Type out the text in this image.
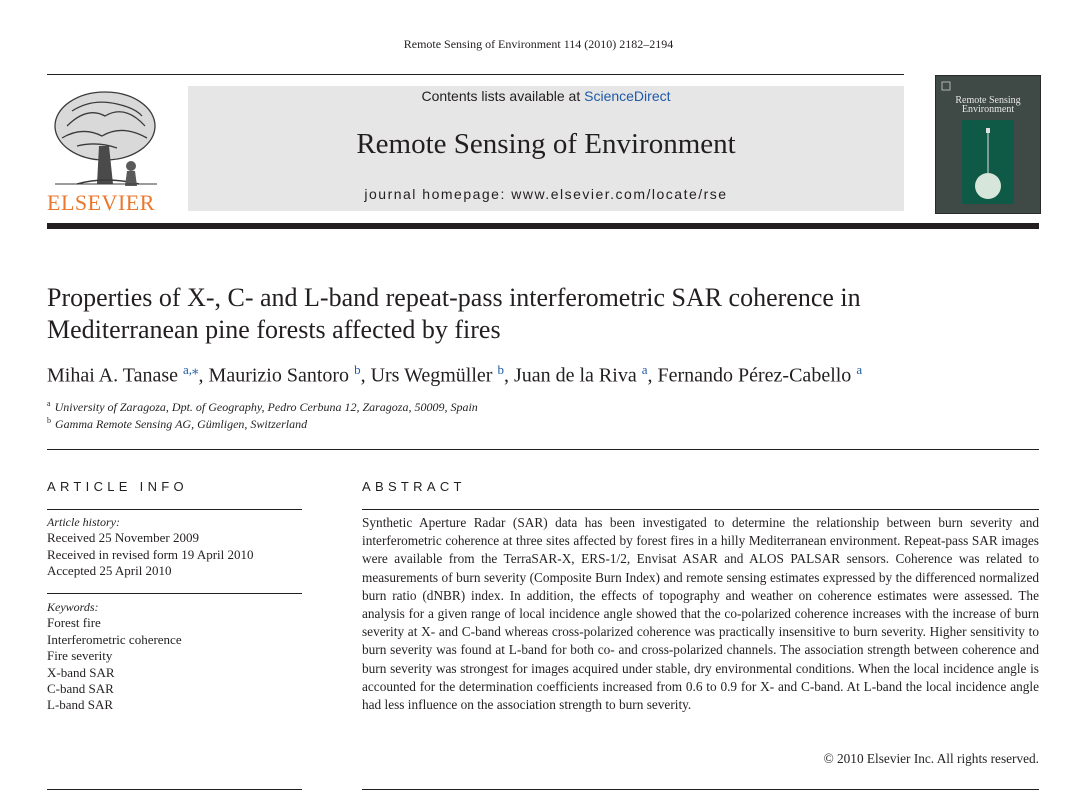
Remote Sensing of Environment 114 (2010) 2182–2194
ELSEVIER
Contents lists available at ScienceDirect
Remote Sensing of Environment
journal homepage: www.elsevier.com/locate/rse
Remote Sensing
Environment
Properties of X-, C- and L-band repeat-pass interferometric SAR coherence in
Mediterranean pine forests affected by fires
Mihai A. Tanase $^{a,⁎}$, Maurizio Santoro $^b$, Urs Wegmüller $^b$, Juan de la Riva $^a$, Fernando Pérez-Cabello $^a$
$^a$ University of Zaragoza, Dpt. of Geography, Pedro Cerbuna 12, Zaragoza, 50009, Spain
$^b$ Gamma Remote Sensing AG, Gümligen, Switzerland
ARTICLE INFO
Article history:
Received 25 November 2009
Received in revised form 19 April 2010
Accepted 25 April 2010
Keywords:
Forest fire
Interferometric coherence
Fire severity
X-band SAR
C-band SAR
L-band SAR
ABSTRACT
Synthetic Aperture Radar (SAR) data has been investigated to determine the relationship between burn severity and interferometric coherence at three sites affected by forest fires in a hilly Mediterranean environment. Repeat-pass SAR images were available from the TerraSAR-X, ERS-1/2, Envisat ASAR and ALOS PALSAR sensors. Coherence was related to measurements of burn severity (Composite Burn Index) and remote sensing estimates expressed by the differenced normalized burn ratio (dNBR) index. In addition, the effects of topography and weather on coherence estimates were assessed. The analysis for a given range of local incidence angle showed that the co-polarized coherence increases with the increase of burn severity at X- and C-band whereas cross-polarized coherence was practically insensitive to burn severity. Higher sensitivity to burn severity was found at L-band for both co- and cross-polarized channels. The association strength between coherence and burn severity was strongest for images acquired under stable, dry environmental conditions. When the local incidence angle is accounted for the determination coefficients increased from 0.6 to 0.9 for X- and C-band. At L-band the local incidence angle had less influence on the association strength to burn severity.
© 2010 Elsevier Inc. All rights reserved.
